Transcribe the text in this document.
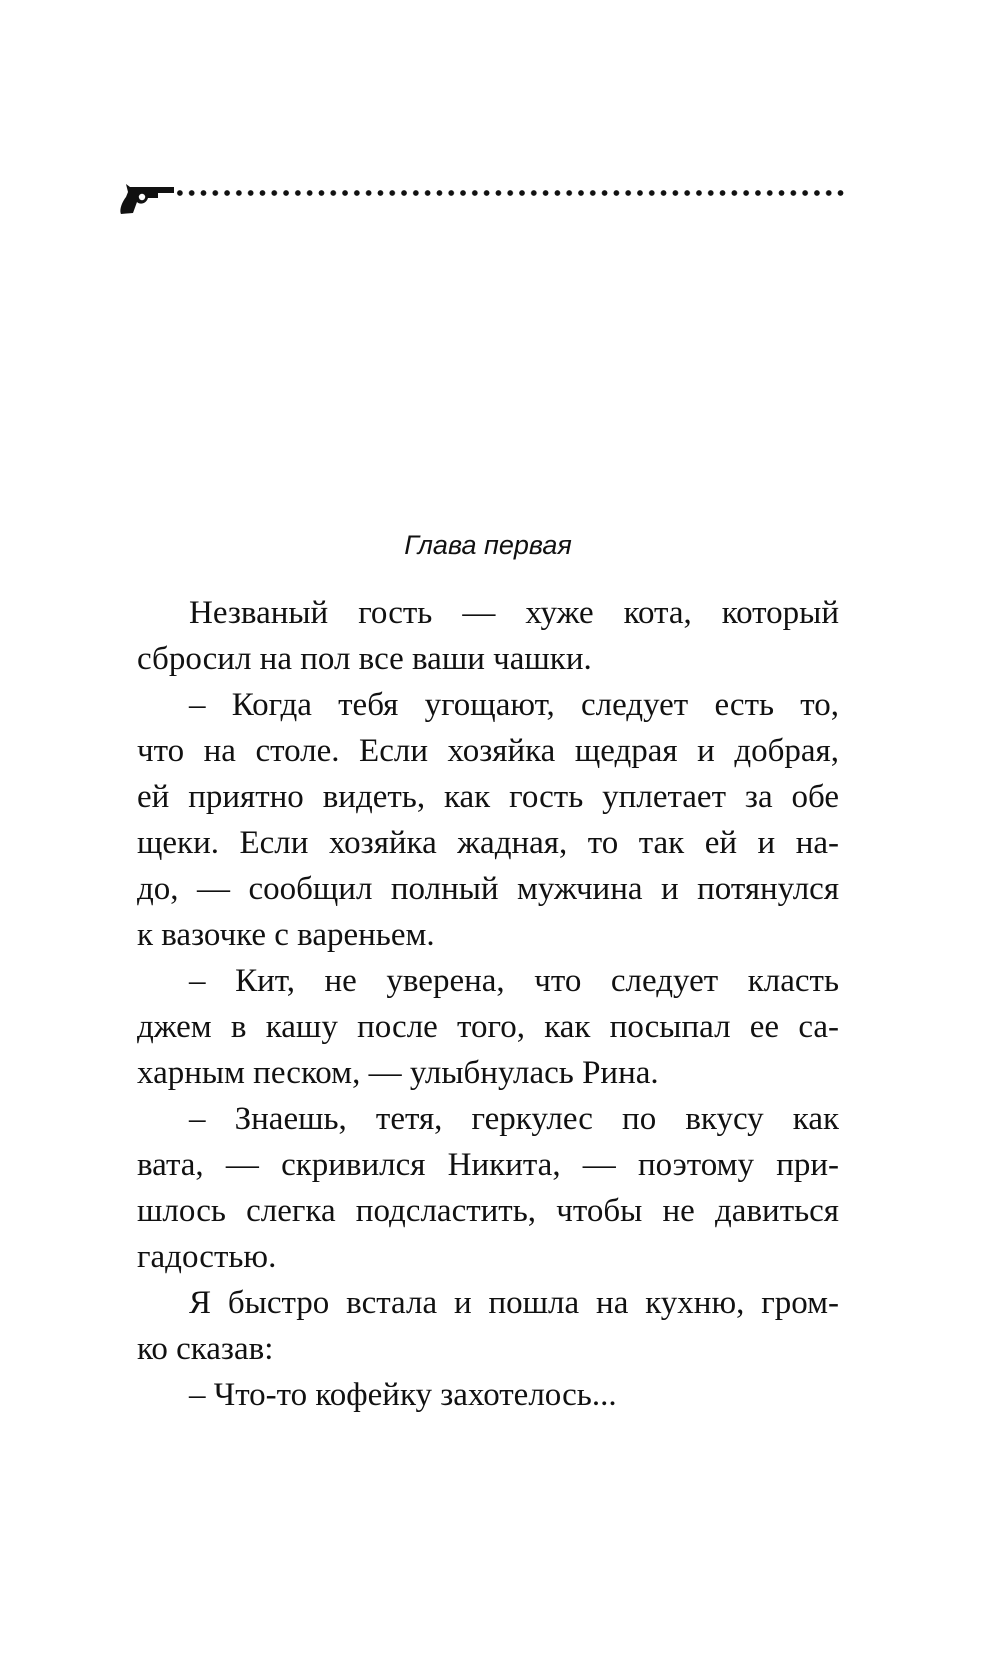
Глава первая
Незваный гость — хуже кота, который
сбросил на пол все ваши чашки.
– Когда тебя угощают, следует есть то,
что на столе. Если хозяйка щедрая и добрая,
ей приятно видеть, как гость уплетает за обе
щеки. Если хозяйка жадная, то так ей и на-
до, — сообщил полный мужчина и потянулся
к вазочке с вареньем.
– Кит, не уверена, что следует класть
джем в кашу после того, как посыпал ее са-
харным песком, — улыбнулась Рина.
– Знаешь, тетя, геркулес по вкусу как
вата, — скривился Никита, — поэтому при-
шлось слегка подсластить, чтобы не давиться
гадостью.
Я быстро встала и пошла на кухню, гром-
ко сказав:
– Что-то кофейку захотелось...
